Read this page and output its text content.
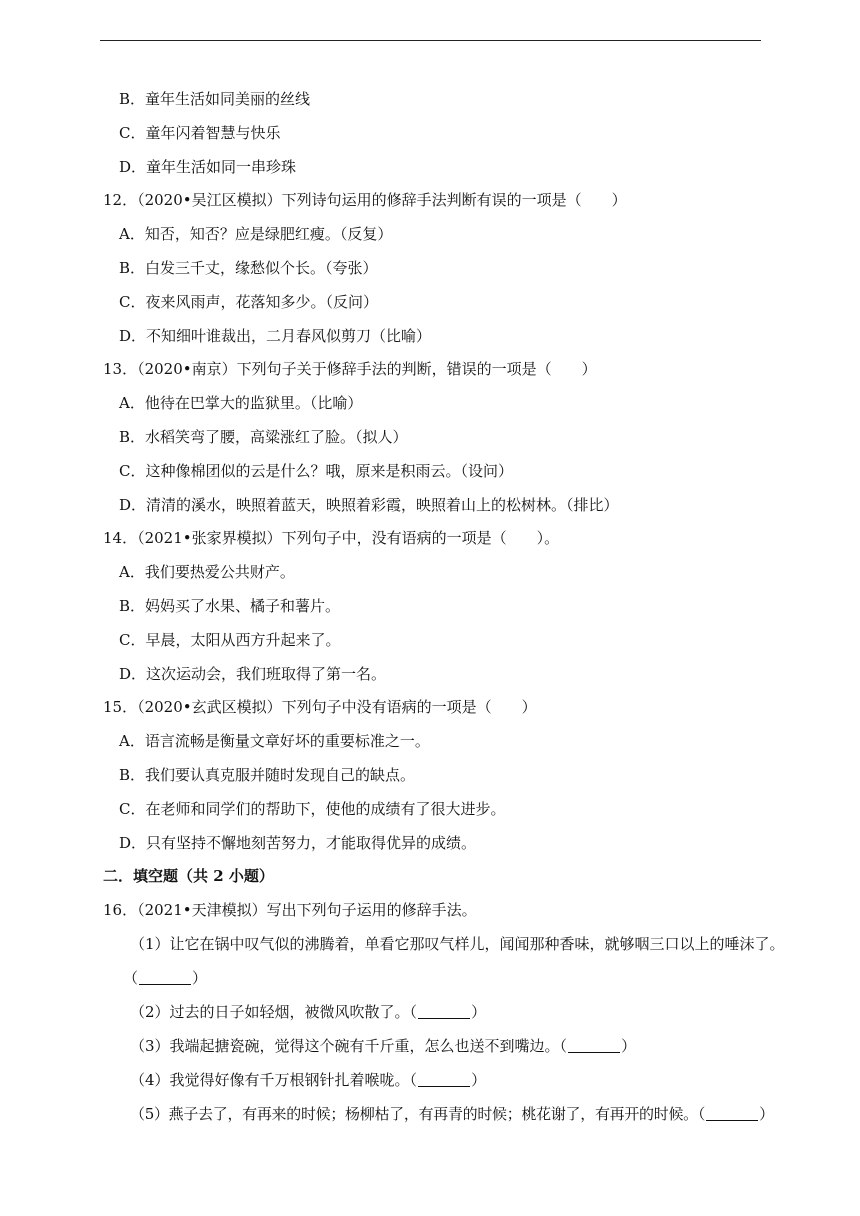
B．童年生活如同美丽的丝线
C．童年闪着智慧与快乐
D．童年生活如同一串珍珠
12．（2020•吴江区模拟）下列诗句运用的修辞手法判断有误的一项是（　　）
A．知否，知否？应是绿肥红瘦。（反复）
B．白发三千丈，缘愁似个长。（夸张）
C．夜来风雨声，花落知多少。（反问）
D．不知细叶谁裁出，二月春风似剪刀（比喻）
13．（2020•南京）下列句子关于修辞手法的判断，错误的一项是（　　）
A．他待在巴掌大的监狱里。（比喻）
B．水稻笑弯了腰，高粱涨红了脸。（拟人）
C．这种像棉团似的云是什么？哦，原来是积雨云。（设问）
D．清清的溪水，映照着蓝天，映照着彩霞，映照着山上的松树林。（排比）
14．（2021•张家界模拟）下列句子中，没有语病的一项是（　　）。
A．我们要热爱公共财产。
B．妈妈买了水果、橘子和薯片。
C．早晨，太阳从西方升起来了。
D．这次运动会，我们班取得了第一名。
15．（2020•玄武区模拟）下列句子中没有语病的一项是（　　）
A．语言流畅是衡量文章好坏的重要标准之一。
B．我们要认真克服并随时发现自己的缺点。
C．在老师和同学们的帮助下，使他的成绩有了很大进步。
D．只有坚持不懈地刻苦努力，才能取得优异的成绩。
二．填空题（共 2 小题）
16．（2021•天津模拟）写出下列句子运用的修辞手法。
（1）让它在锅中叹气似的沸腾着，单看它那叹气样儿，闻闻那种香味，就够咽三口以上的唾沫了。
（	）
（2）过去的日子如轻烟，被微风吹散了。（	）
（3）我端起搪瓷碗，觉得这个碗有千斤重，怎么也送不到嘴边。（	）
（4）我觉得好像有千万根钢针扎着喉咙。（	）
（5）燕子去了，有再来的时候；杨柳枯了，有再青的时候；桃花谢了，有再开的时候。（	）
